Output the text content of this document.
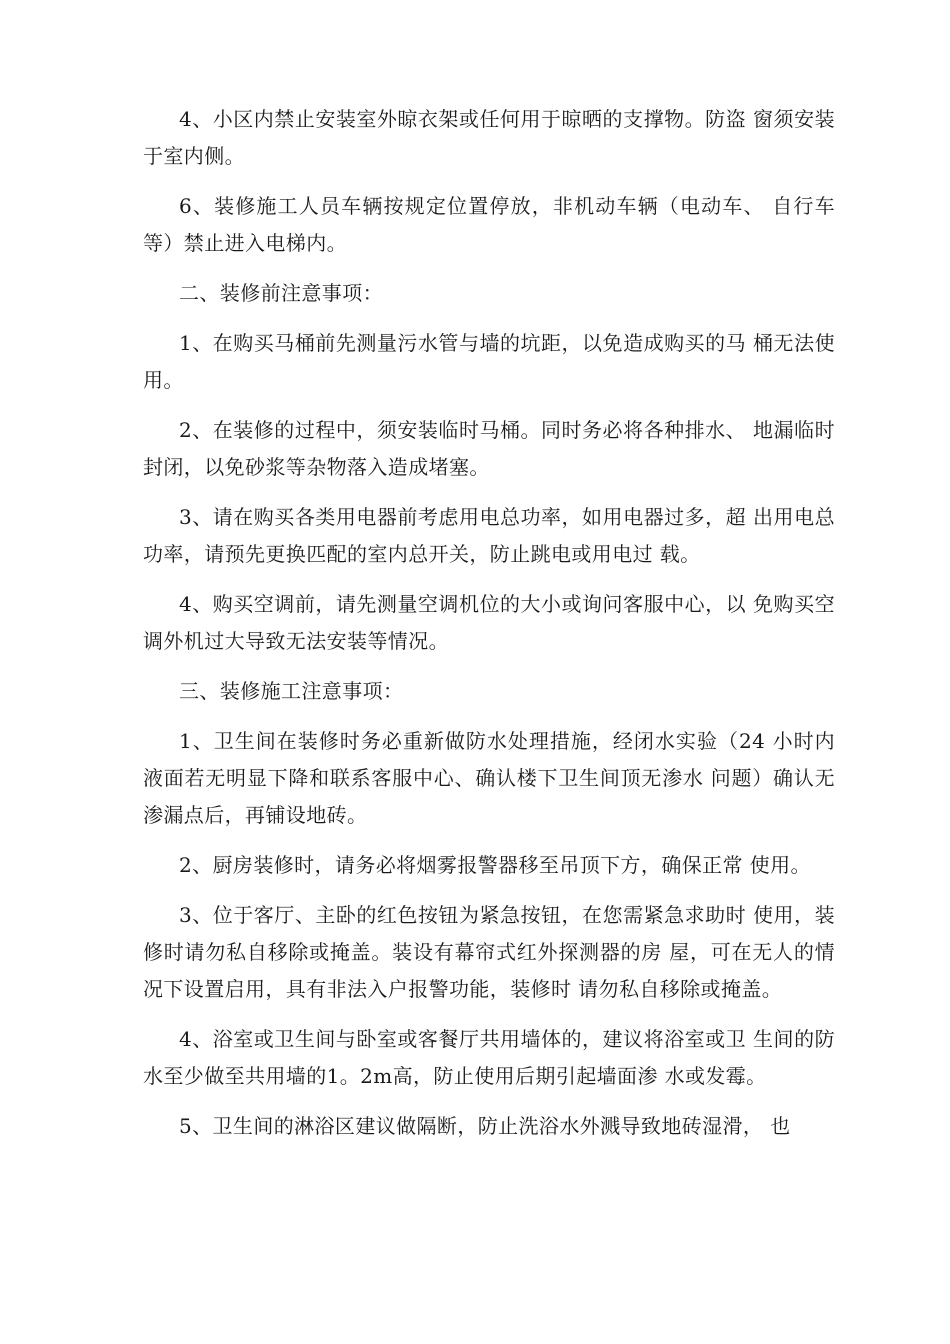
4、小区内禁止安装室外晾衣架或任何用于晾晒的支撑物。防盗 窗须安装于室内侧。

6、装修施工人员车辆按规定位置停放，非机动车辆（电动车、 自行车等）禁止进入电梯内。

二、装修前注意事项：

1、在购买马桶前先测量污水管与墙的坑距，以免造成购买的马 桶无法使用。

2、在装修的过程中，须安装临时马桶。同时务必将各种排水、 地漏临时封闭，以免砂浆等杂物落入造成堵塞。

3、请在购买各类用电器前考虑用电总功率，如用电器过多，超 出用电总功率，请预先更换匹配的室内总开关，防止跳电或用电过 载。

4、购买空调前，请先测量空调机位的大小或询问客服中心，以 免购买空调外机过大导致无法安装等情况。

三、装修施工注意事项：

1、卫生间在装修时务必重新做防水处理措施，经闭水实验（24 小时内液面若无明显下降和联系客服中心、确认楼下卫生间顶无渗水 问题）确认无渗漏点后，再铺设地砖。

2、厨房装修时，请务必将烟雾报警器移至吊顶下方，确保正常 使用。

3、位于客厅、主卧的红色按钮为紧急按钮，在您需紧急求助时 使用，装修时请勿私自移除或掩盖。装设有幕帘式红外探测器的房 屋，可在无人的情况下设置启用，具有非法入户报警功能，装修时 请勿私自移除或掩盖。

4、浴室或卫生间与卧室或客餐厅共用墙体的，建议将浴室或卫 生间的防水至少做至共用墙的1。2m高，防止使用后期引起墙面渗 水或发霉。

5、卫生间的淋浴区建议做隔断，防止洗浴水外溅导致地砖湿滑， 也
